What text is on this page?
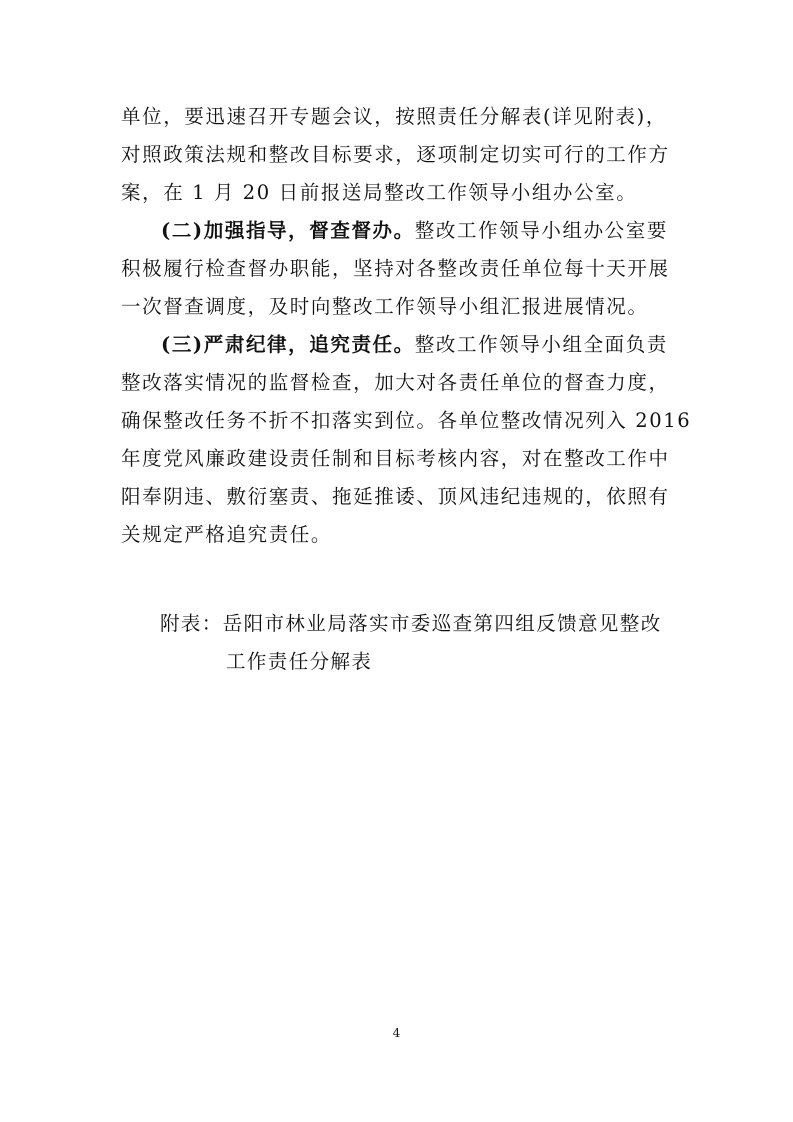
单位，要迅速召开专题会议，按照责任分解表(详见附表)，
对照政策法规和整改目标要求，逐项制定切实可行的工作方
案，在 1 月 20 日前报送局整改工作领导小组办公室。
(二)加强指导，督查督办。整改工作领导小组办公室要
积极履行检查督办职能，坚持对各整改责任单位每十天开展
一次督查调度，及时向整改工作领导小组汇报进展情况。
(三)严肃纪律，追究责任。整改工作领导小组全面负责
整改落实情况的监督检查，加大对各责任单位的督查力度，
确保整改任务不折不扣落实到位。各单位整改情况列入 2016
年度党风廉政建设责任制和目标考核内容，对在整改工作中
阳奉阴违、敷衍塞责、拖延推诿、顶风违纪违规的，依照有
关规定严格追究责任。
附表：岳阳市林业局落实市委巡查第四组反馈意见整改
工作责任分解表
4
